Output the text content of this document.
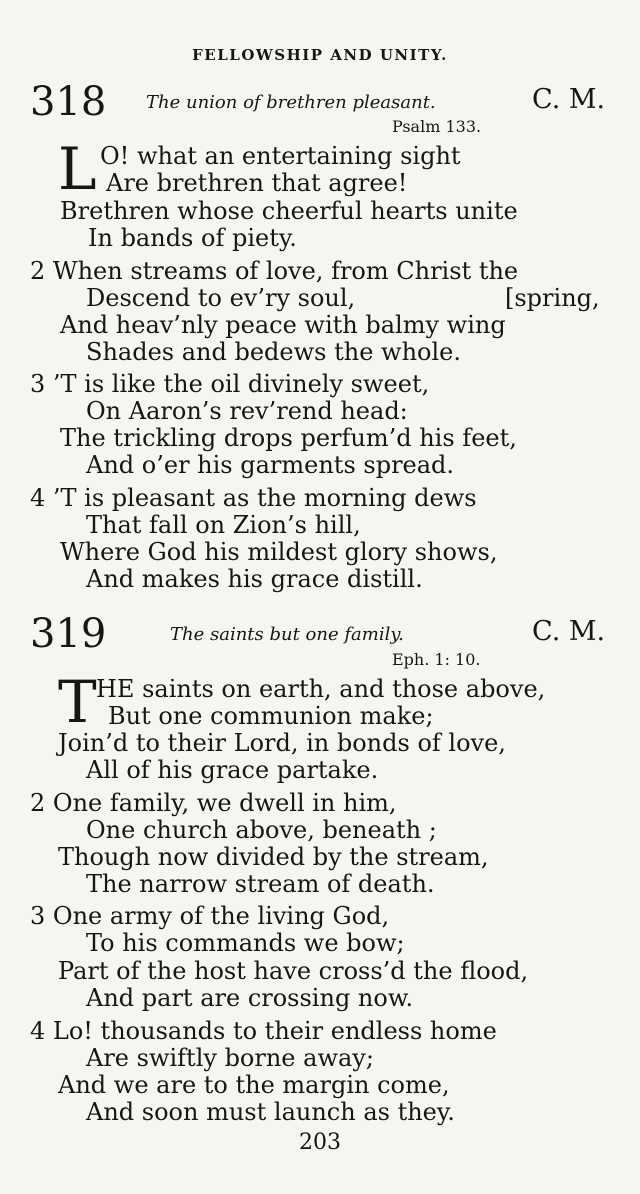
FELLOWSHIP AND UNITY.
318 The union of brethren pleasant.	C. M.
Psalm 133.
L O! what an entertaining sight
Are brethren that agree!
Brethren whose cheerful hearts unite
In bands of piety.
2 When streams of love, from Christ the
Descend to ev’ry soul,	[spring,
And heav’nly peace with balmy wing
Shades and bedews the whole.
3 ’T is like the oil divinely sweet,
On Aaron’s rev’rend head:
The trickling drops perfum’d his feet,
And o’er his garments spread.
4 ’T is pleasant as the morning dews
That fall on Zion’s hill,
Where God his mildest glory shows,
And makes his grace distill.
319	The saints but one family.	C. M.
Eph. 1: 10.
T HE saints on earth, and those above,
But one communion make;
Join’d to their Lord, in bonds of love,
All of his grace partake.
2 One family, we dwell in him,
One church above, beneath ;
Though now divided by the stream,
The narrow stream of death.
3 One army of the living God,
To his commands we bow;
Part of the host have cross’d the flood,
And part are crossing now.
4 Lo! thousands to their endless home
Are swiftly borne away;
And we are to the margin come,
And soon must launch as they.
203
